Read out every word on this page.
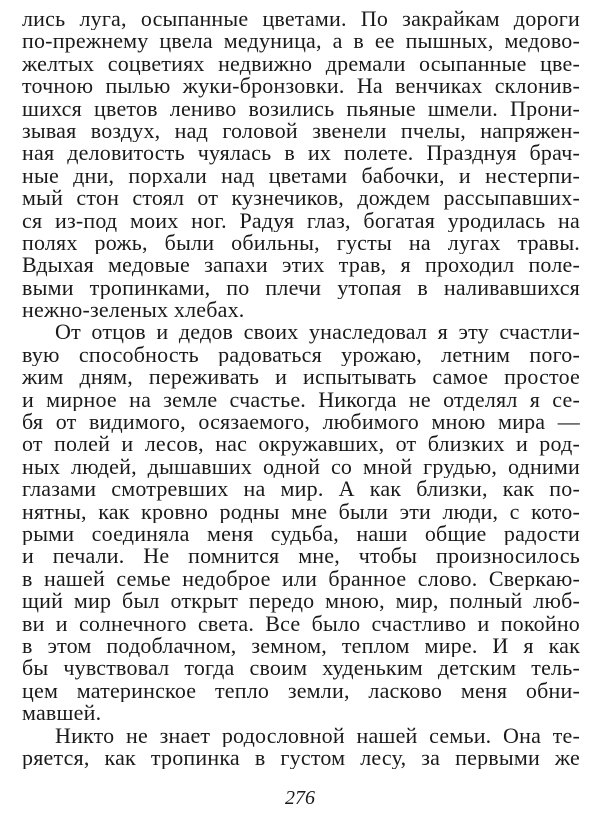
лись луга, осыпанные цветами. По закрайкам дороги
по-прежнему цвела медуница, а в ее пышных, медово-
желтых соцветиях недвижно дремали осыпанные цве-
точною пылью жуки-бронзовки. На венчиках склонив-
шихся цветов лениво возились пьяные шмели. Прони-
зывая воздух, над головой звенели пчелы, напряжен-
ная деловитость чуялась в их полете. Празднуя брач-
ные дни, порхали над цветами бабочки, и нестерпи-
мый стон стоял от кузнечиков, дождем рассыпавших-
ся из-под моих ног. Радуя глаз, богатая уродилась на
полях рожь, были обильны, густы на лугах травы.
Вдыхая медовые запахи этих трав, я проходил поле-
выми тропинками, по плечи утопая в наливавшихся
нежно-зеленых хлебах.
От отцов и дедов своих унаследовал я эту счастли-
вую способность радоваться урожаю, летним пого-
жим дням, переживать и испытывать самое простое
и мирное на земле счастье. Никогда не отделял я се-
бя от видимого, осязаемого, любимого мною мира —
от полей и лесов, нас окружавших, от близких и род-
ных людей, дышавших одной со мной грудью, одними
глазами смотревших на мир. А как близки, как по-
нятны, как кровно родны мне были эти люди, с кото-
рыми соединяла меня судьба, наши общие радости
и печали. Не помнится мне, чтобы произносилось
в нашей семье недоброе или бранное слово. Сверкаю-
щий мир был открыт передо мною, мир, полный люб-
ви и солнечного света. Все было счастливо и покойно
в этом подоблачном, земном, теплом мире. И я как
бы чувствовал тогда своим худеньким детским тель-
цем материнское тепло земли, ласково меня обни-
мавшей.
Никто не знает родословной нашей семьи. Она те-
ряется, как тропинка в густом лесу, за первыми же
276
